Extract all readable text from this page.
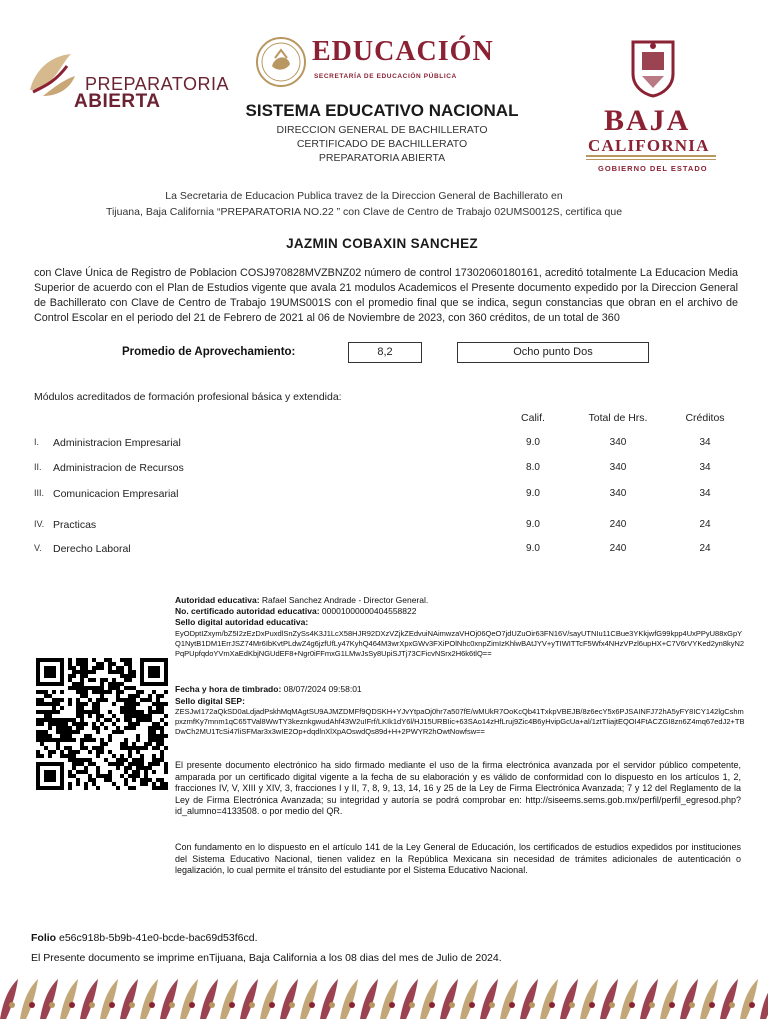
PREPARATORIA
ABIERTA
EDUCACIÓN
SECRETARÍA DE EDUCACIÓN PÚBLICA
BAJA
CALIFORNIA
GOBIERNO DEL ESTADO
SISTEMA EDUCATIVO NACIONAL
DIRECCION GENERAL DE BACHILLERATO
CERTIFICADO DE BACHILLERATO
PREPARATORIA ABIERTA
La Secretaria de Educacion Publica travez de la Direccion General de Bachillerato en
Tijuana, Baja California “PREPARATORIA NO.22 ” con Clave de Centro de Trabajo 02UMS0012S, certifica que
JAZMIN COBAXIN SANCHEZ
con Clave Única de Registro de Poblacion COSJ970828MVZBNZ02 número de control 17302060180161, acreditó totalmente La Educacion Media Superior de acuerdo con el Plan de Estudios vigente que avala 21 modulos Academicos el Presente documento expedido por la Direccion General de Bachillerato con Clave de Centro de Trabajo 19UMS001S con el promedio final que se indica, segun constancias que obran en el archivo de Control Escolar en el periodo del 21 de Febrero de 2021 al 06 de Noviembre de 2023, con 360 créditos, de un total de 360
Promedio de Aprovechamiento:	8,2	Ocho punto Dos
Módulos acreditados de formación profesional básica y extendida:
Calif.	Total de Hrs.	Créditos
I. Administracion Empresarial	9.0	340	34
II. Administracion de Recursos	8.0	340	34
III. Comunicacion Empresarial	9.0	340	34
IV. Practicas	9.0	240	24
V. Derecho Laboral	9.0	240	24
Autoridad educativa: Rafael Sanchez Andrade - Director General.
No. certificado autoridad educativa: 00001000000404558822
Sello digital autoridad educativa:
EyODptIZxym/bZ5I2zEzDxPuxdlSnZySs4K3J1LcX58HJR92DXzVZjkZEdvuiNAimwzaVHOj06QeO7jdUZuOir63FN16V/sayUTNIu11CBue3YKkjwfG99kpp4UxPPyU88xGpYQ1NytB1DM1ErrJSZ74Mr6IbKvtPLdwZ4g6jzfUfLy47KyhQ464M3wrXpxGWv3FXiPOlNhc0xnpZimIzKhlwBAtJYV+yTIWITTcF5Wfx4NHzVPzl6upHX+C7V6rVYKed2yn8kyN2PqPUpfqdoYVmXaEdKbjNGUdEF8+Ngr0iFFmxG1LMwJsSy8UpiSJTj73CFicvNSrx2H6k6tlQ==
Fecha y hora de timbrado: 08/07/2024 09:58:01
Sello digital SEP:
ZESJwI172aQkSD0aLdjadPskhMqMAgtSU9AJMZDMFf9QDSKH+YJvYtpaOj0hr7a507fE/wMUkR7OoKcQb41TxkpVBEJB/8z6ecY5x6PJSAINFJ72hA5yFY8ICY142lgCshmpxzmfKy7mnm1qC65TVal8WwTY3keznkgwudAhf43W2uIFrf/LKIk1dY6l/HJ15URBIic+63SAo14zHfLruj9Zic4B6yHvipGcUa+al/1ztTIiajtEQOI4FtACZGI8zn6Z4mq67edJ2+TBDwCh2MU1TcSi47liSFMar3x3wIE2Op+dqdlnXlXpAOswdQs89d+H+2PWYR2hOwtNowfsw==
El presente documento electrónico ha sido firmado mediante el uso de la firma electrónica avanzada por el servidor público competente, amparada por un certificado digital vigente a la fecha de su elaboración y es válido de conformidad con lo dispuesto en los artículos 1, 2, fracciones IV, V, XIII y XIV, 3, fracciones I y II, 7, 8, 9, 13, 14, 16 y 25 de la Ley de Firma Electrónica Avanzada; 7 y 12 del Reglamento de la Ley de Firma Electrónica Avanzada; su integridad y autoría se podrá comprobar en: http://siseems.sems.gob.mx/perfil/perfil_egresod.php?id_alumno=4133508. o por medio del QR.
Con fundamento en lo dispuesto en el artículo 141 de la Ley General de Educación, los certificados de estudios expedidos por instituciones del Sistema Educativo Nacional, tienen validez en la República Mexicana sin necesidad de trámites adicionales de autenticación o legalización, lo cual permite el tránsito del estudiante por el Sistema Educativo Nacional.
Folio e56c918b-5b9b-41e0-bcde-bac69d53f6cd.
El Presente documento se imprime enTijuana, Baja California a los 08 dias del mes de Julio de 2024.
